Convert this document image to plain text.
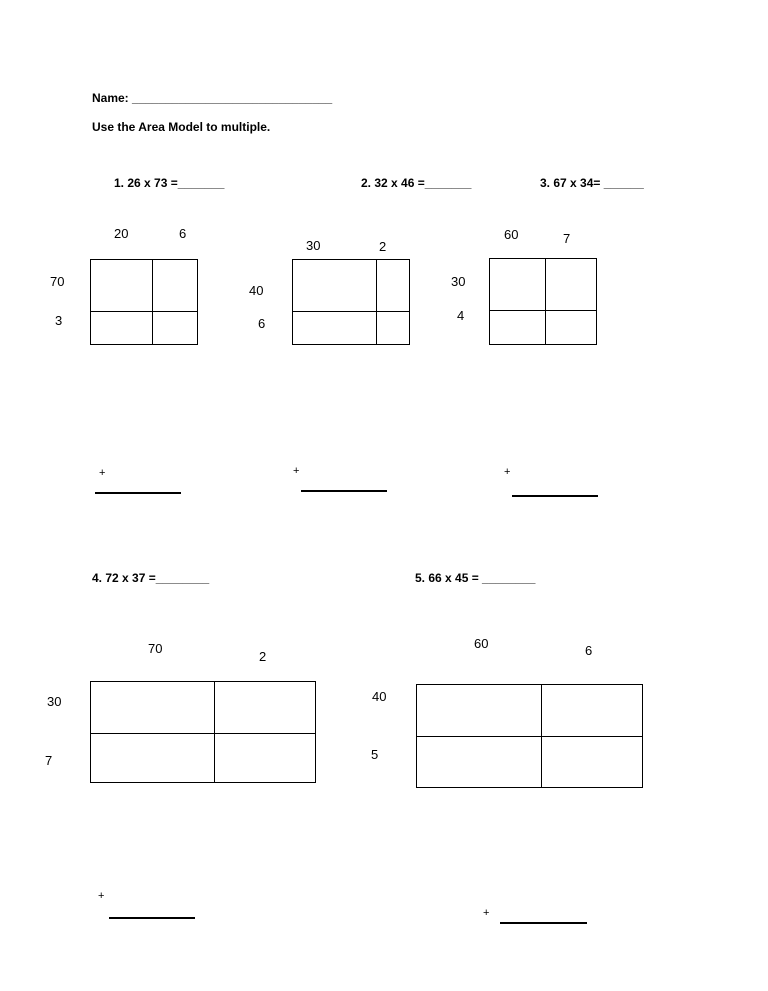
Name: ______________________________
Use the Area Model to multiple.
1. 26 x 73 =_______
20	6
70
3
+
2. 32 x 46 =_______
30	2
40
6
+
3. 67 x 34= ______
60	7
30
4
+
4. 72 x 37 =________
70
2
30
7
+
5. 66 x 45 = ________
60	6
40
5
+
